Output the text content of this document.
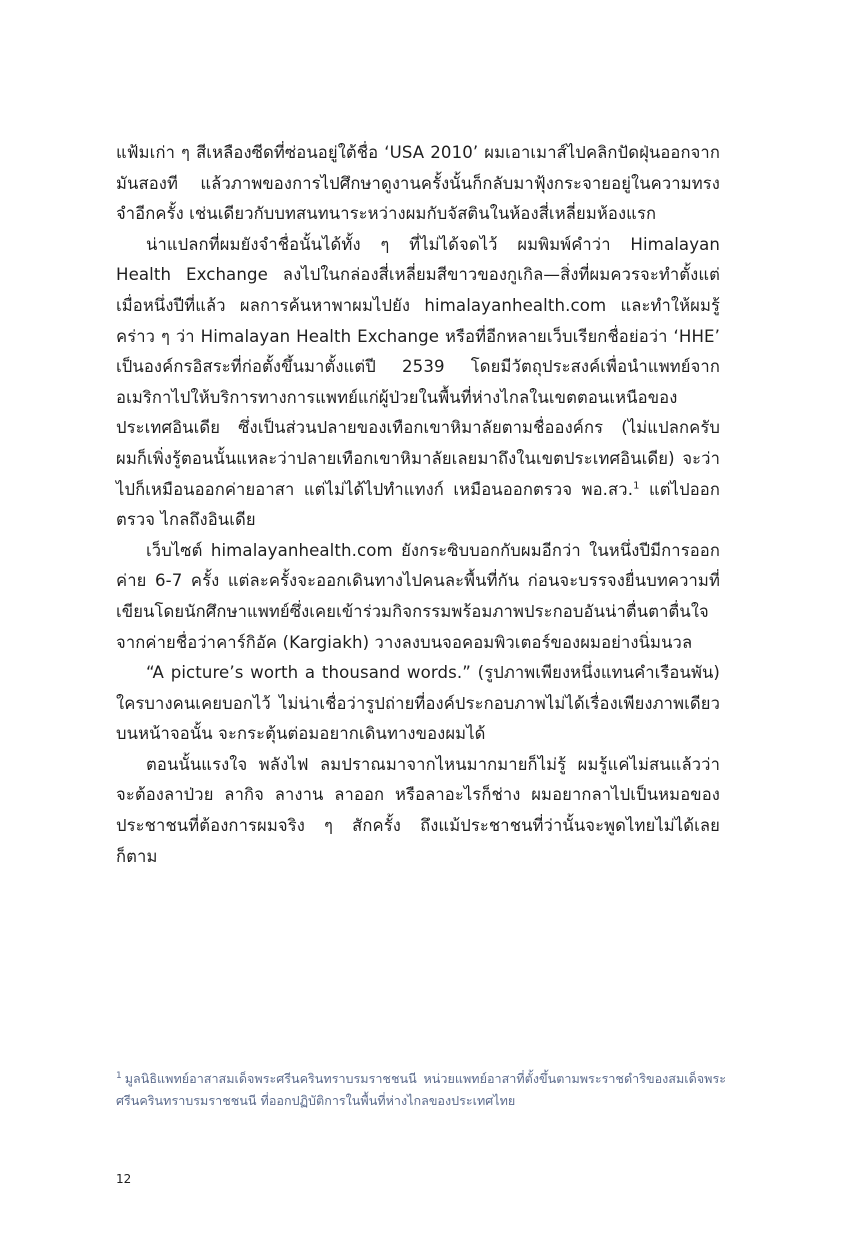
แฟ้มเก่า ๆ สีเหลืองซีดที่ซ่อนอยู่ใต้ชื่อ ‘USA 2010’ ผมเอาเมาส์ไปคลิกปัดฝุ่นออกจากมันสองที แล้วภาพของการไปศึกษาดูงานครั้งนั้นก็กลับมาฟุ้งกระจายอยู่ในความทรงจำอีกครั้ง เช่นเดียวกับบทสนทนาระหว่างผมกับจัสตินในห้องสี่เหลี่ยมห้องแรก

น่าแปลกที่ผมยังจำชื่อนั้นได้ทั้ง ๆ ที่ไม่ได้จดไว้ ผมพิมพ์คำว่า Himalayan Health Exchange ลงไปในกล่องสี่เหลี่ยมสีขาวของกูเกิล—สิ่งที่ผมควรจะทำตั้งแต่เมื่อหนึ่งปีที่แล้ว ผลการค้นหาพาผมไปยัง himalayanhealth.com และทำให้ผมรู้คร่าว ๆ ว่า Himalayan Health Exchange หรือที่อีกหลายเว็บเรียกชื่อย่อว่า ‘HHE’ เป็นองค์กรอิสระที่ก่อตั้งขึ้นมาตั้งแต่ปี 2539 โดยมีวัตถุประสงค์เพื่อนำแพทย์จากอเมริกาไปให้บริการทางการแพทย์แก่ผู้ป่วยในพื้นที่ห่างไกลในเขตตอนเหนือของประเทศอินเดีย ซึ่งเป็นส่วนปลายของเทือกเขาหิมาลัยตามชื่อองค์กร (ไม่แปลกครับ ผมก็เพิ่งรู้ตอนนั้นแหละว่าปลายเทือกเขาหิมาลัยเลยมาถึงในเขตประเทศอินเดีย) จะว่าไปก็เหมือนออกค่ายอาสา แต่ไม่ได้ไปทำแทงก์ เหมือนออกตรวจ พอ.สว.$^1$ แต่ไปออกตรวจ ไกลถึงอินเดีย

เว็บไซต์ himalayanhealth.com ยังกระซิบบอกกับผมอีกว่า ในหนึ่งปีมีการออกค่าย 6-7 ครั้ง แต่ละครั้งจะออกเดินทางไปคนละพื้นที่กัน ก่อนจะบรรจงยื่นบทความที่เขียนโดยนักศึกษาแพทย์ซึ่งเคยเข้าร่วมกิจกรรมพร้อมภาพประกอบอันน่าตื่นตาตื่นใจจากค่ายชื่อว่าคาร์กิอัค (Kargiakh) วางลงบนจอคอมพิวเตอร์ของผมอย่างนิ่มนวล

“A picture’s worth a thousand words.” (รูปภาพเพียงหนึ่งแทนคำเรือนพัน) ใครบางคนเคยบอกไว้ ไม่น่าเชื่อว่ารูปถ่ายที่องค์ประกอบภาพไม่ได้เรื่องเพียงภาพเดียวบนหน้าจอนั้น จะกระตุ้นต่อมอยากเดินทางของผมได้

ตอนนั้นแรงใจ พลังไฟ ลมปราณมาจากไหนมากมายก็ไม่รู้ ผมรู้แค่ไม่สนแล้วว่าจะต้องลาป่วย ลากิจ ลางาน ลาออก หรือลาอะไรก็ช่าง ผมอยากลาไปเป็นหมอของประชาชนที่ต้องการผมจริง ๆ สักครั้ง ถึงแม้ประชาชนที่ว่านั้นจะพูดไทยไม่ได้เลยก็ตาม

$^1$ มูลนิธิแพทย์อาสาสมเด็จพระศรีนครินทราบรมราชชนนี หน่วยแพทย์อาสาที่ตั้งขึ้นตามพระราชดำริของสมเด็จพระศรีนครินทราบรมราชชนนี ที่ออกปฏิบัติการในพื้นที่ห่างไกลของประเทศไทย
12
